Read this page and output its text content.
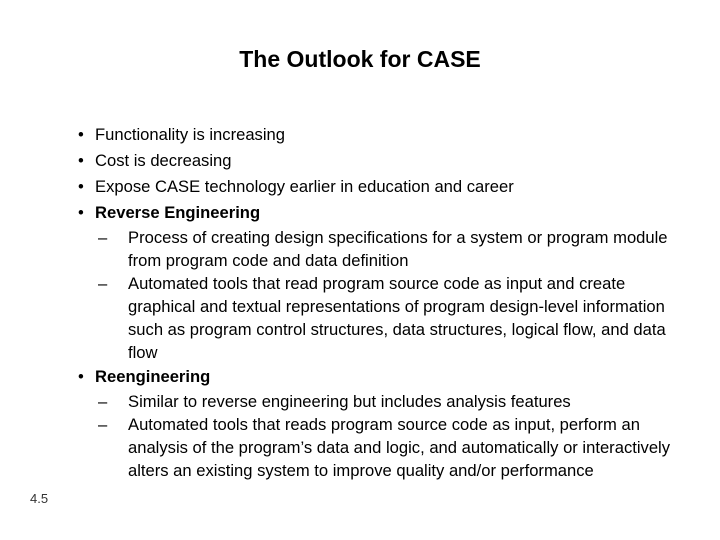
The Outlook for CASE
• Functionality is increasing
• Cost is decreasing
• Expose CASE technology earlier in education and career
• Reverse Engineering
– Process of creating design specifications for a system or program module from program code and data definition
– Automated tools that read program source code as input and create graphical and textual representations of program design-level information such as program control structures, data structures, logical flow, and data flow
• Reengineering
– Similar to reverse engineering but includes analysis features
– Automated tools that reads program source code as input, perform an analysis of the program’s data and logic, and automatically or interactively alters an existing system to improve quality and/or performance
4.5
